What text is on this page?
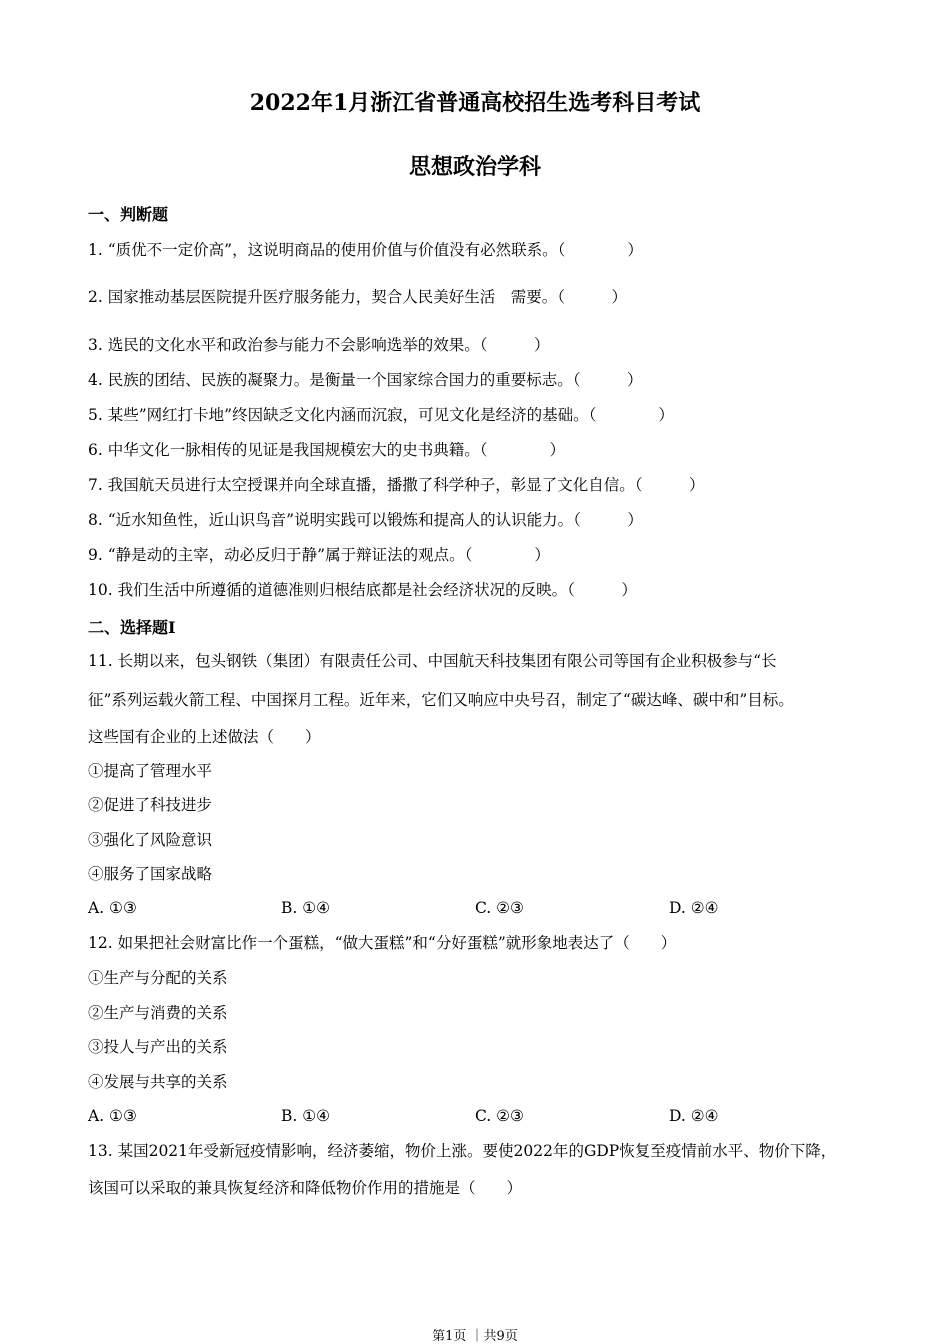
2022年1月浙江省普通高校招生选考科目考试
思想政治学科
一、判断题
1. “质优不一定价高”，这说明商品的使用价值与价值没有必然联系。（　　　　）
2. 国家推动基层医院提升医疗服务能力，契合人民美好生活　需要。（　　　）
3. 选民的文化水平和政治参与能力不会影响选举的效果。（　　　）
4. 民族的团结、民族的凝聚力。是衡量一个国家综合国力的重要标志。（　　　）
5. 某些”网红打卡地”终因缺乏文化内涵而沉寂，可见文化是经济的基础。（　　　　）
6. 中华文化一脉相传的见证是我国规模宏大的史书典籍。（　　　　）
7. 我国航天员进行太空授课并向全球直播，播撒了科学种子，彰显了文化自信。（　　　）
8. “近水知鱼性，近山识鸟音”说明实践可以锻炼和提高人的认识能力。（　　　）
9. “静是动的主宰，动必反归于静”属于辩证法的观点。（　　　　）
10. 我们生活中所遵循的道德准则归根结底都是社会经济状况的反映。（　　　）
二、选择题Ⅰ
11. 长期以来，包头钢铁（集团）有限责任公司、中国航天科技集团有限公司等国有企业积极参与“长
征”系列运载火箭工程、中国探月工程。近年来，它们又响应中央号召，制定了“碳达峰、碳中和”目标。
这些国有企业的上述做法（　　）
①提高了管理水平
②促进了科技进步
③强化了风险意识
④服务了国家战略
A. ①③	B. ①④	C. ②③	D. ②④
12. 如果把社会财富比作一个蛋糕，“做大蛋糕”和“分好蛋糕”就形象地表达了（　　）
①生产与分配的关系
②生产与消费的关系
③投人与产出的关系
④发展与共享的关系
A. ①③	B. ①④	C. ②③	D. ②④
13. 某国2021年受新冠疫情影响，经济萎缩，物价上涨。要使2022年的GDP恢复至疫情前水平、物价下降，
该国可以采取的兼具恢复经济和降低物价作用的措施是（　　）
第1页 ｜共9页
